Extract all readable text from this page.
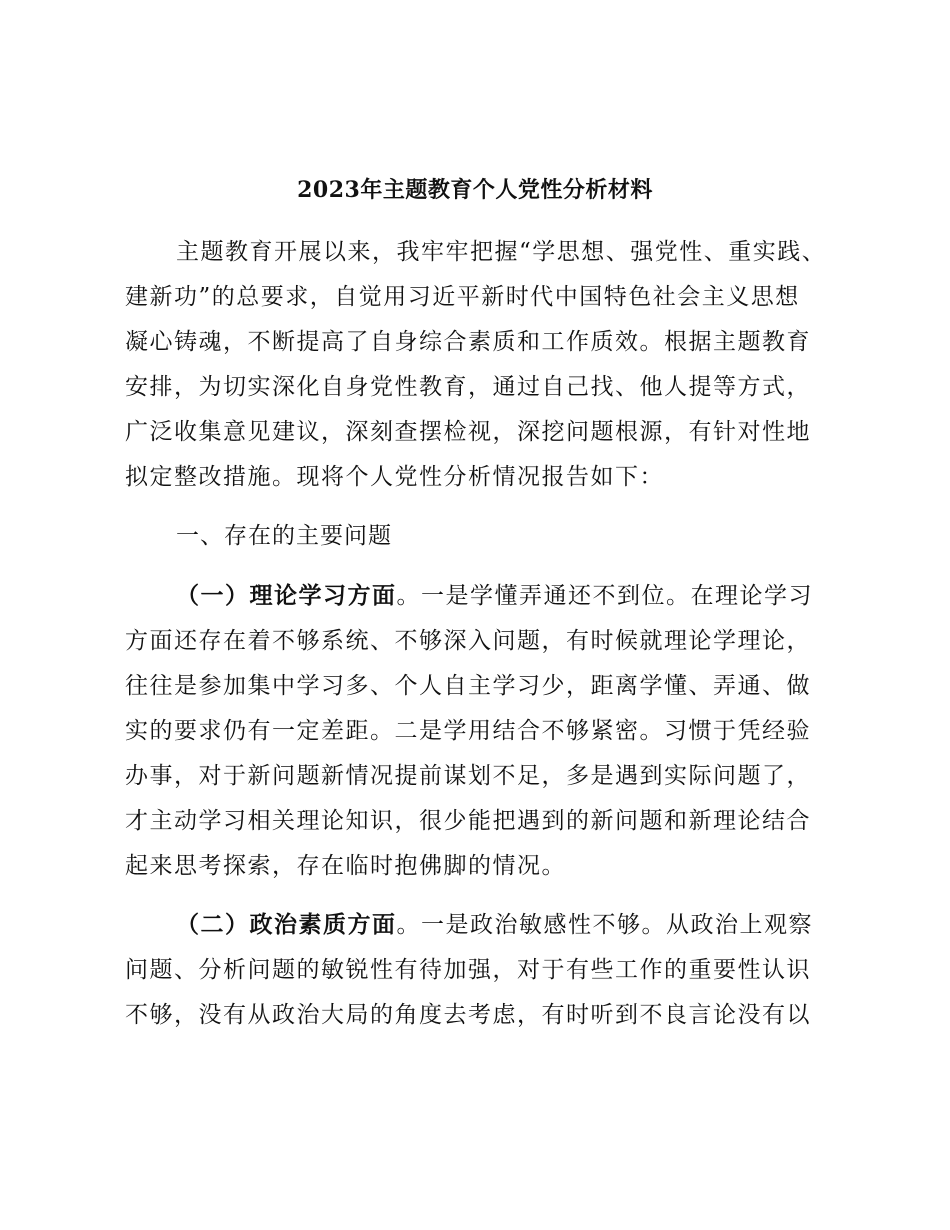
2023年主题教育个人党性分析材料
主题教育开展以来，我牢牢把握“学思想、强党性、重实践、
建新功”的总要求，自觉用习近平新时代中国特色社会主义思想
凝心铸魂，不断提高了自身综合素质和工作质效。根据主题教育
安排，为切实深化自身党性教育，通过自己找、他人提等方式，
广泛收集意见建议，深刻查摆检视，深挖问题根源，有针对性地
拟定整改措施。现将个人党性分析情况报告如下：
一、存在的主要问题
（一）理论学习方面。一是学懂弄通还不到位。在理论学习
方面还存在着不够系统、不够深入问题，有时候就理论学理论，
往往是参加集中学习多、个人自主学习少，距离学懂、弄通、做
实的要求仍有一定差距。二是学用结合不够紧密。习惯于凭经验
办事，对于新问题新情况提前谋划不足，多是遇到实际问题了，
才主动学习相关理论知识，很少能把遇到的新问题和新理论结合
起来思考探索，存在临时抱佛脚的情况。
（二）政治素质方面。一是政治敏感性不够。从政治上观察
问题、分析问题的敏锐性有待加强，对于有些工作的重要性认识
不够，没有从政治大局的角度去考虑，有时听到不良言论没有以
